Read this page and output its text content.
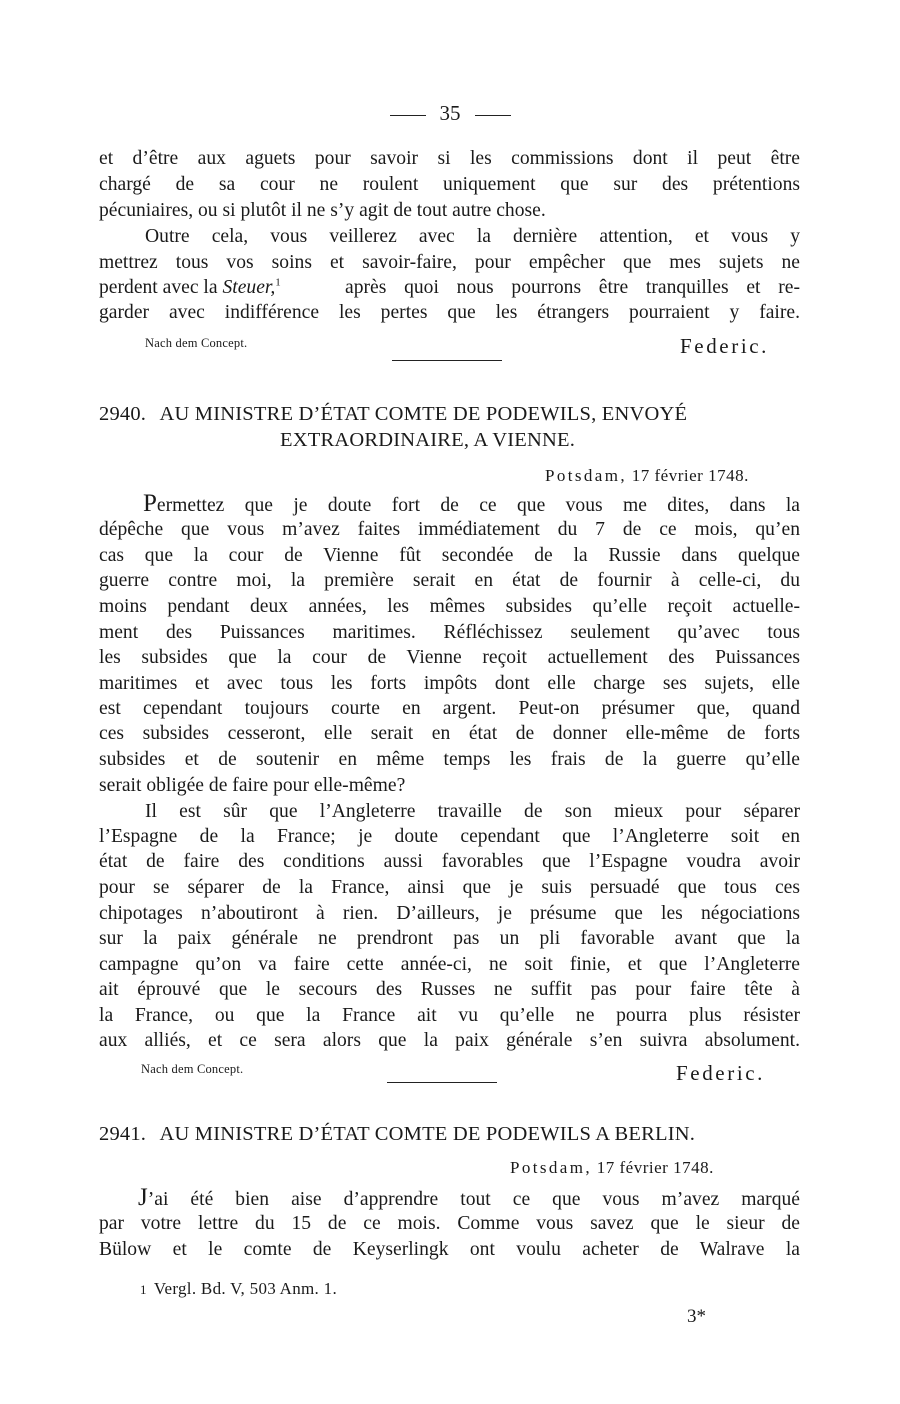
35
et d’être aux aguets pour savoir si les commissions dont il peut être
chargé de sa cour ne roulent uniquement que sur des prétentions
pécuniaires, ou si plutôt il ne s’y agit de tout autre chose.
Outre cela, vous veillerez avec la dernière attention, et vous y
mettrez tous vos soins et savoir-faire, pour empêcher que mes sujets ne
perdent avec la Steuer,$^1$	après quoi nous pourrons être tranquilles et re-
garder avec indifférence les pertes que les étrangers pourraient y faire.
Nach dem Concept.	Federic.
2940. AU MINISTRE D’ÉTAT COMTE DE PODEWILS, ENVOYÉ
EXTRAORDINAIRE, A VIENNE.
Potsdam, 17 février 1748.
Permettez que je doute fort de ce que vous me dites, dans la
dépêche que vous m’avez faites immédiatement du 7 de ce mois, qu’en
cas que la cour de Vienne fût secondée de la Russie dans quelque
guerre contre moi, la première serait en état de fournir à celle-ci, du
moins pendant deux années, les mêmes subsides qu’elle reçoit actuelle-
ment des Puissances maritimes. Réfléchissez seulement qu’avec tous
les subsides que la cour de Vienne reçoit actuellement des Puissances
maritimes et avec tous les forts impôts dont elle charge ses sujets, elle
est cependant toujours courte en argent. Peut-on présumer que, quand
ces subsides cesseront, elle serait en état de donner elle-même de forts
subsides et de soutenir en même temps les frais de la guerre qu’elle
serait obligée de faire pour elle-même?
Il est sûr que l’Angleterre travaille de son mieux pour séparer
l’Espagne de la France; je doute cependant que l’Angleterre soit en
état de faire des conditions aussi favorables que l’Espagne voudra avoir
pour se séparer de la France, ainsi que je suis persuadé que tous ces
chipotages n’aboutiront à rien. D’ailleurs, je présume que les négociations
sur la paix générale ne prendront pas un pli favorable avant que la
campagne qu’on va faire cette année-ci, ne soit finie, et que l’Angleterre
ait éprouvé que le secours des Russes ne suffit pas pour faire tête à
la France, ou que la France ait vu qu’elle ne pourra plus résister
aux alliés, et ce sera alors que la paix générale s’en suivra absolument.
Nach dem Concept.	Federic.
2941. AU MINISTRE D’ÉTAT COMTE DE PODEWILS A BERLIN.
Potsdam, 17 février 1748.
J’ai été bien aise d’apprendre tout ce que vous m’avez marqué
par votre lettre du 15 de ce mois. Comme vous savez que le sieur de
Bülow et le comte de Keyserlingk ont voulu acheter de Walrave la
1 Vergl. Bd. V, 503 Anm. 1.
3*
